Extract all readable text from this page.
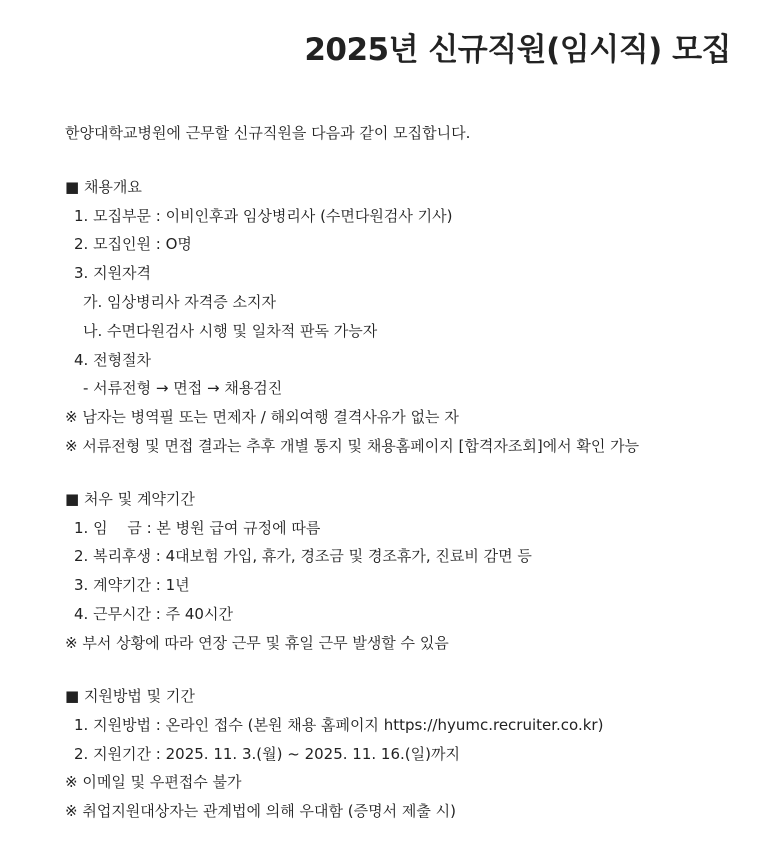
2025년 신규직원(임시직) 모집
한양대학교병원에 근무할 신규직원을 다음과 같이 모집합니다.
■ 채용개요
1. 모집부문 : 이비인후과 임상병리사 (수면다원검사 기사)
2. 모집인원 : O명
3. 지원자격
가. 임상병리사 자격증 소지자
나. 수면다원검사 시행 및 일차적 판독 가능자
4. 전형절차
- 서류전형 → 면접 → 채용검진
※ 남자는 병역필 또는 면제자 / 해외여행 결격사유가 없는 자
※ 서류전형 및 면접 결과는 추후 개별 통지 및 채용홈페이지 [합격자조회]에서 확인 가능
■ 처우 및 계약기간
1. 임　 금 : 본 병원 급여 규정에 따름
2. 복리후생 : 4대보험 가입, 휴가, 경조금 및 경조휴가, 진료비 감면 등
3. 계약기간 : 1년
4. 근무시간 : 주 40시간
※ 부서 상황에 따라 연장 근무 및 휴일 근무 발생할 수 있음
■ 지원방법 및 기간
1. 지원방법 : 온라인 접수 (본원 채용 홈페이지 https://hyumc.recruiter.co.kr)
2. 지원기간 : 2025. 11. 3.(월) ~ 2025. 11. 16.(일)까지
※ 이메일 및 우편접수 불가
※ 취업지원대상자는 관계법에 의해 우대함 (증명서 제출 시)
